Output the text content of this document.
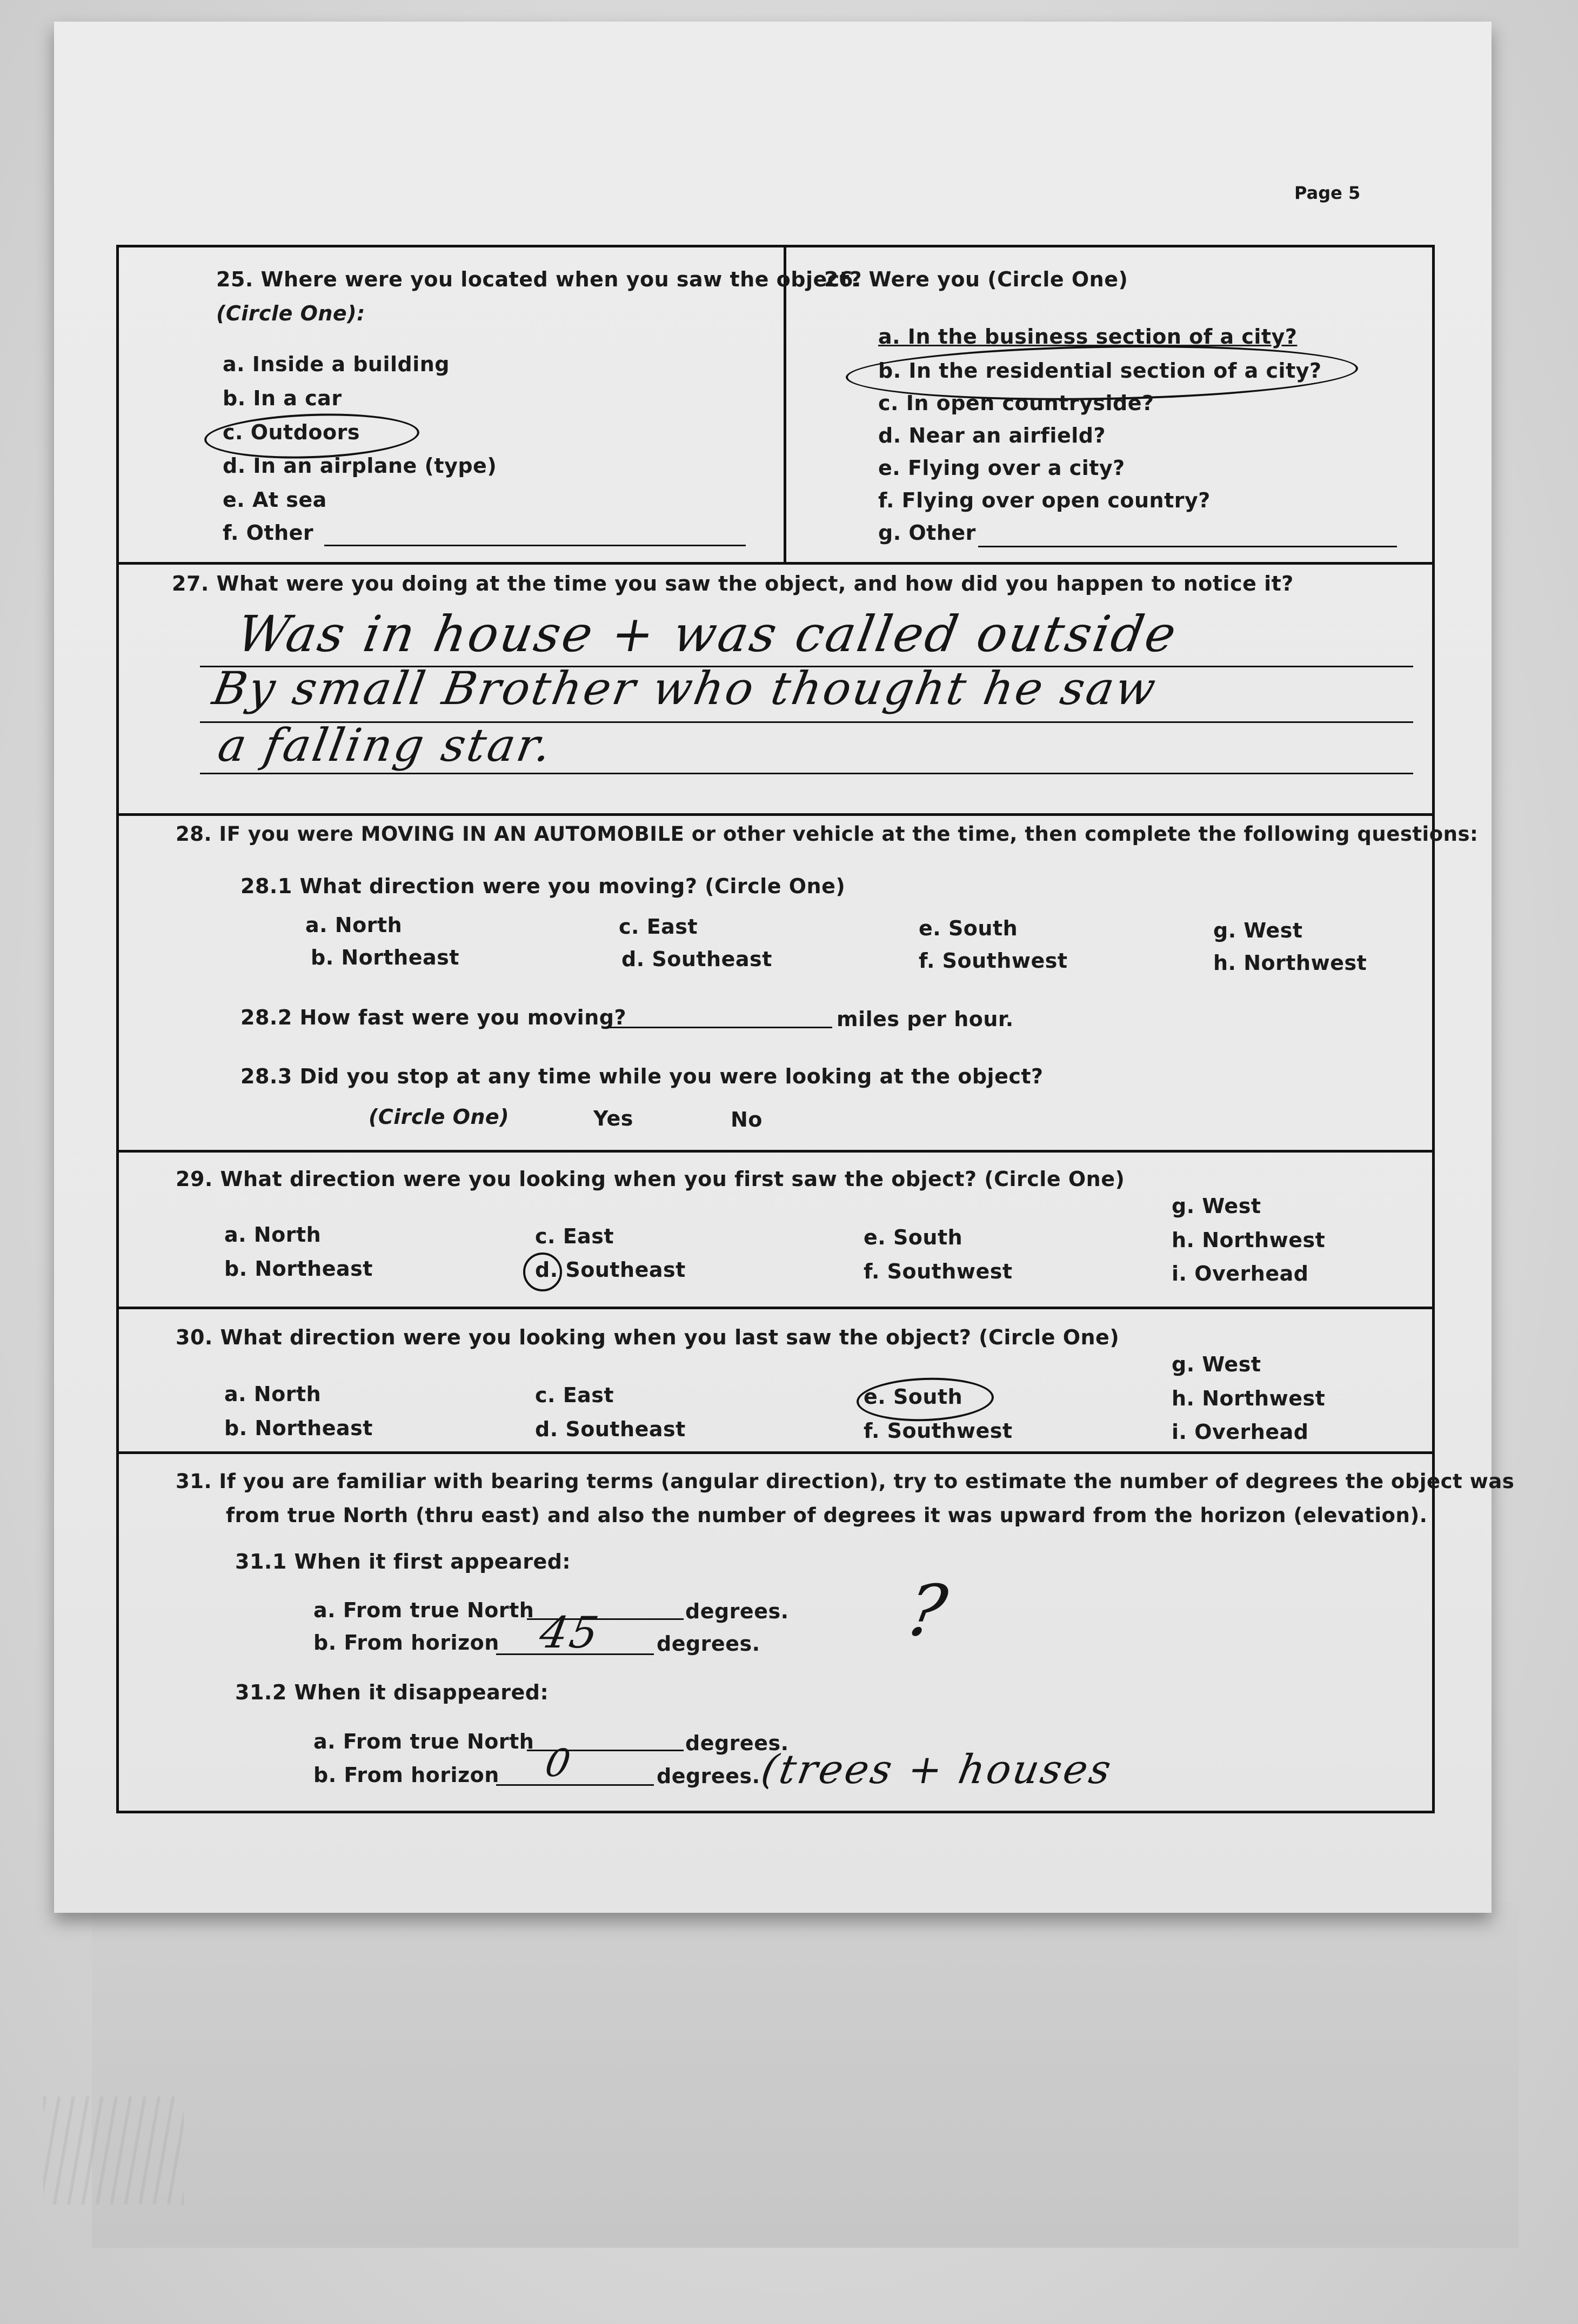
Page 5
25. Where were you located when you saw the object?
(Circle One):
a. Inside a building
b. In a car
c. Outdoors
d. In an airplane (type)
e. At sea
f. Other
26. Were you (Circle One)
a. In the business section of a city?
b. In the residential section of a city?
c. In open countryside?
d. Near an airfield?
e. Flying over a city?
f. Flying over open country?
g. Other
27. What were you doing at the time you saw the object, and how did you happen to notice it?
Was in house + was called outside
By small Brother who thought he saw
a falling star.
28. IF you were MOVING IN AN AUTOMOBILE or other vehicle at the time, then complete the following questions:
28.1 What direction were you moving? (Circle One)
a. North
b. Northeast
c. East
d. Southeast
e. South
f. Southwest
g. West
h. Northwest
28.2 How fast were you moving?	miles per hour.
28.3 Did you stop at any time while you were looking at the object?
(Circle One)	Yes	No
29. What direction were you looking when you first saw the object? (Circle One)
a. North
b. Northeast
c. East
d. Southeast
e. South
f. Southwest
g. West
h. Northwest
i. Overhead
30. What direction were you looking when you last saw the object? (Circle One)
a. North
b. Northeast
c. East
d. Southeast
e. South
f. Southwest
g. West
h. Northwest
i. Overhead
31. If you are familiar with bearing terms (angular direction), try to estimate the number of degrees the object was
from true North (thru east) and also the number of degrees it was upward from the horizon (elevation).
31.1 When it first appeared:
a. From true North	degrees.
b. From horizon 45	degrees. ?
31.2 When it disappeared:
a. From true North	degrees.
b. From horizon 0	degrees.
(trees + houses
